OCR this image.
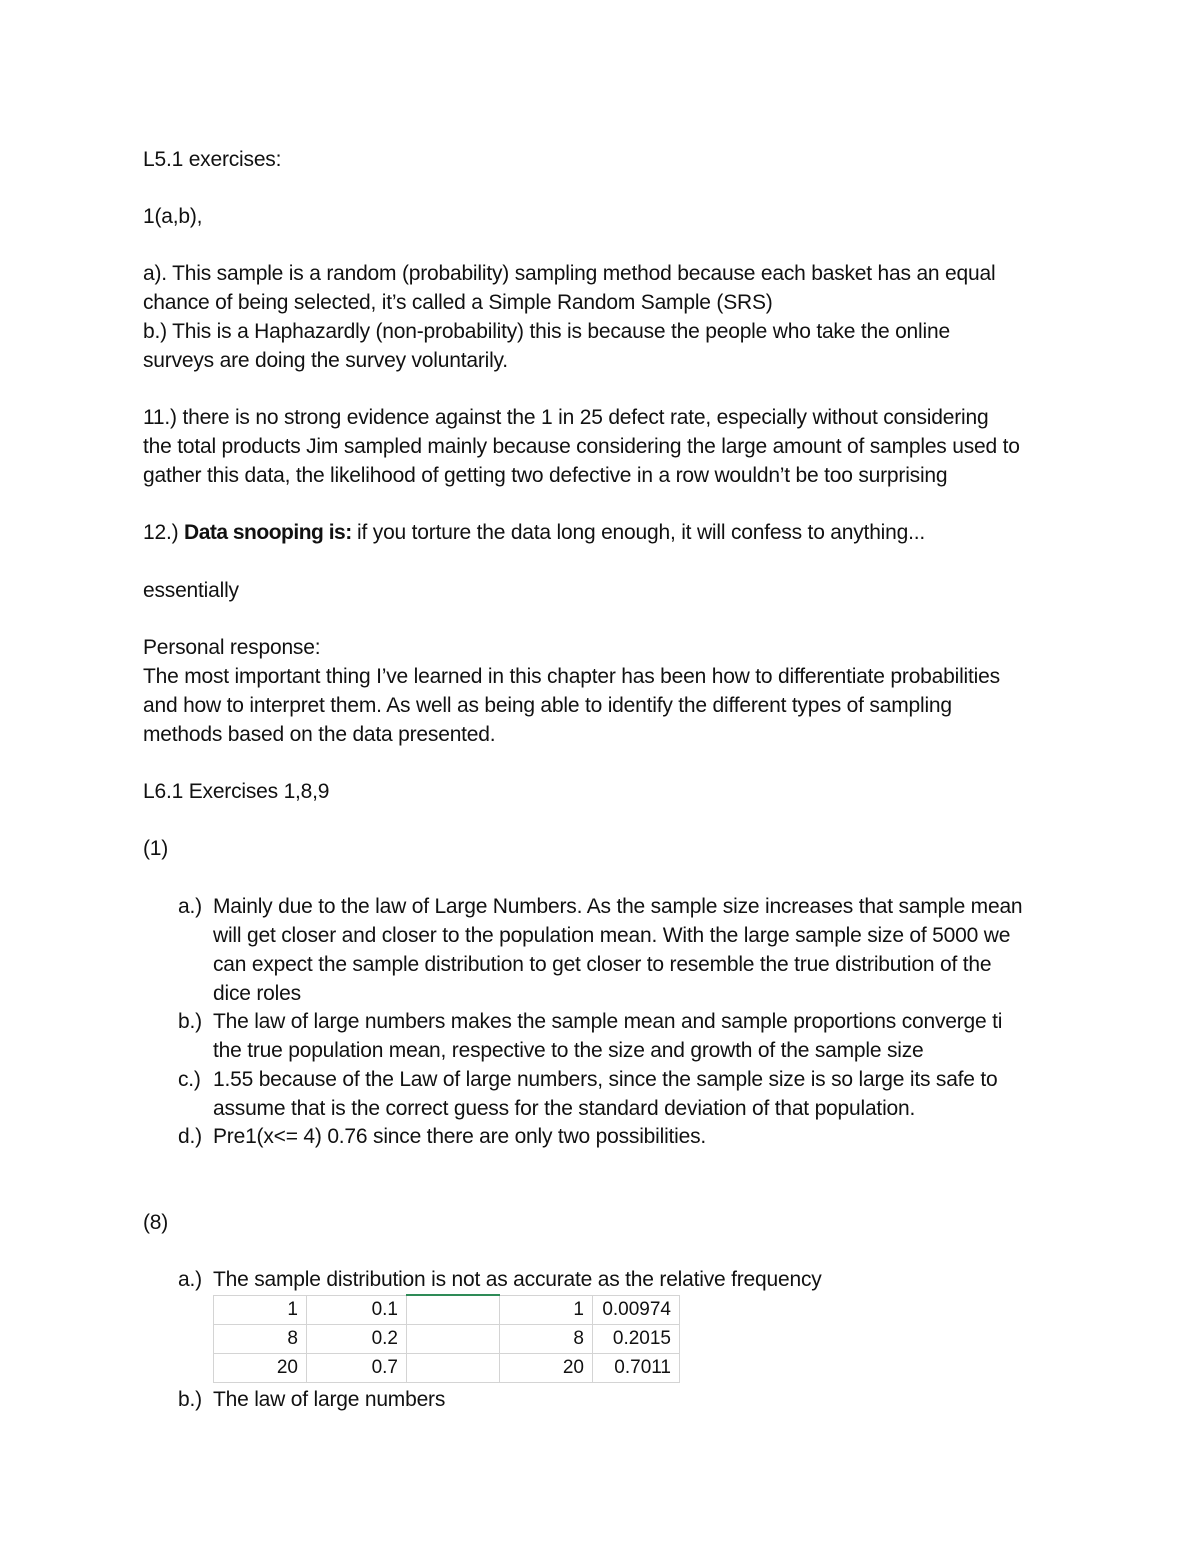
L5.1 exercises:
1(a,b),
a). This sample is a random (probability) sampling method because each basket has an equal
chance of being selected, it’s called a Simple Random Sample (SRS)
b.) This is a Haphazardly (non-probability) this is because the people who take the online
surveys are doing the survey voluntarily.
11.) there is no strong evidence against the 1 in 25 defect rate, especially without considering
the total products Jim sampled mainly because considering the large amount of samples used to
gather this data, the likelihood of getting two defective in a row wouldn’t be too surprising
12.) Data snooping is: if you torture the data long enough, it will confess to anything...
essentially
Personal response:
The most important thing I’ve learned in this chapter has been how to differentiate probabilities
and how to interpret them. As well as being able to identify the different types of sampling
methods based on the data presented.
L6.1 Exercises 1,8,9
(1)
a.) Mainly due to the law of Large Numbers. As the sample size increases that sample mean
will get closer and closer to the population mean. With the large sample size of 5000 we
can expect the sample distribution to get closer to resemble the true distribution of the
dice roles
b.) The law of large numbers makes the sample mean and sample proportions converge ti
the true population mean, respective to the size and growth of the sample size
c.) 1.55 because of the Law of large numbers, since the sample size is so large its safe to
assume that is the correct guess for the standard deviation of that population.
d.) Pre1(x<= 4) 0.76 since there are only two possibilities.
(8)
a.) The sample distribution is not as accurate as the relative frequency
1	0.1		1	0.00974
8	0.2		8	0.2015
20	0.7		20	0.7011
b.) The law of large numbers
